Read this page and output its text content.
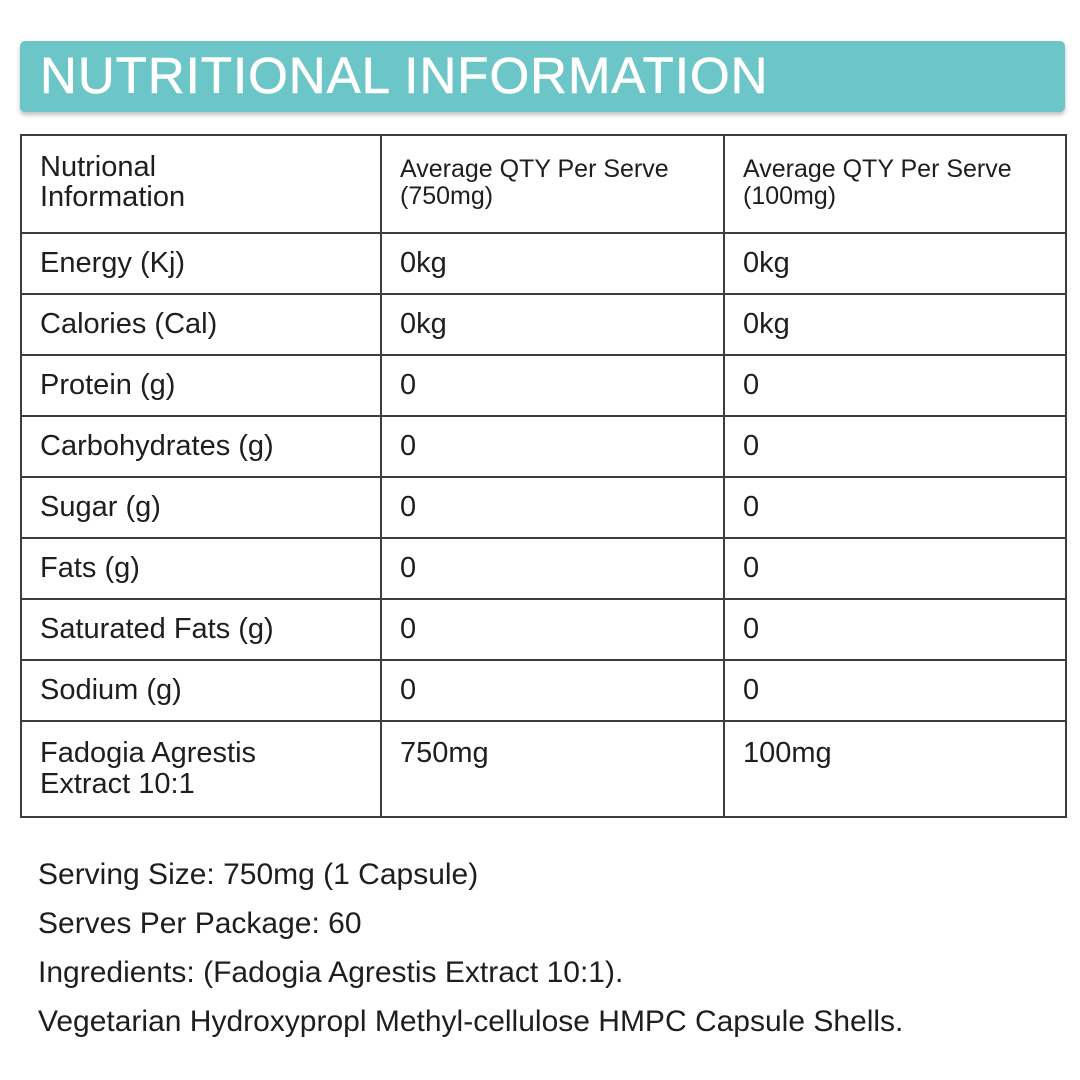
NUTRITIONAL INFORMATION
Nutrional Information	Average QTY Per Serve (750mg)	Average QTY Per Serve (100mg)

Energy (Kj)	0kg	0kg
Calories (Cal)	0kg	0kg
Protein (g)	0	0
Carbohydrates (g)	0	0
Sugar (g)	0	0
Fats (g)	0	0
Saturated Fats (g)	0	0
Sodium (g)	0	0

Fadogia Agrestis Extract 10:1	750mg	100mg

Serving Size: 750mg (1 Capsule)

Serves Per Package: 60

Ingredients: (Fadogia Agrestis Extract 10:1).

Vegetarian Hydroxypropl Methyl-cellulose HMPC Capsule Shells.
